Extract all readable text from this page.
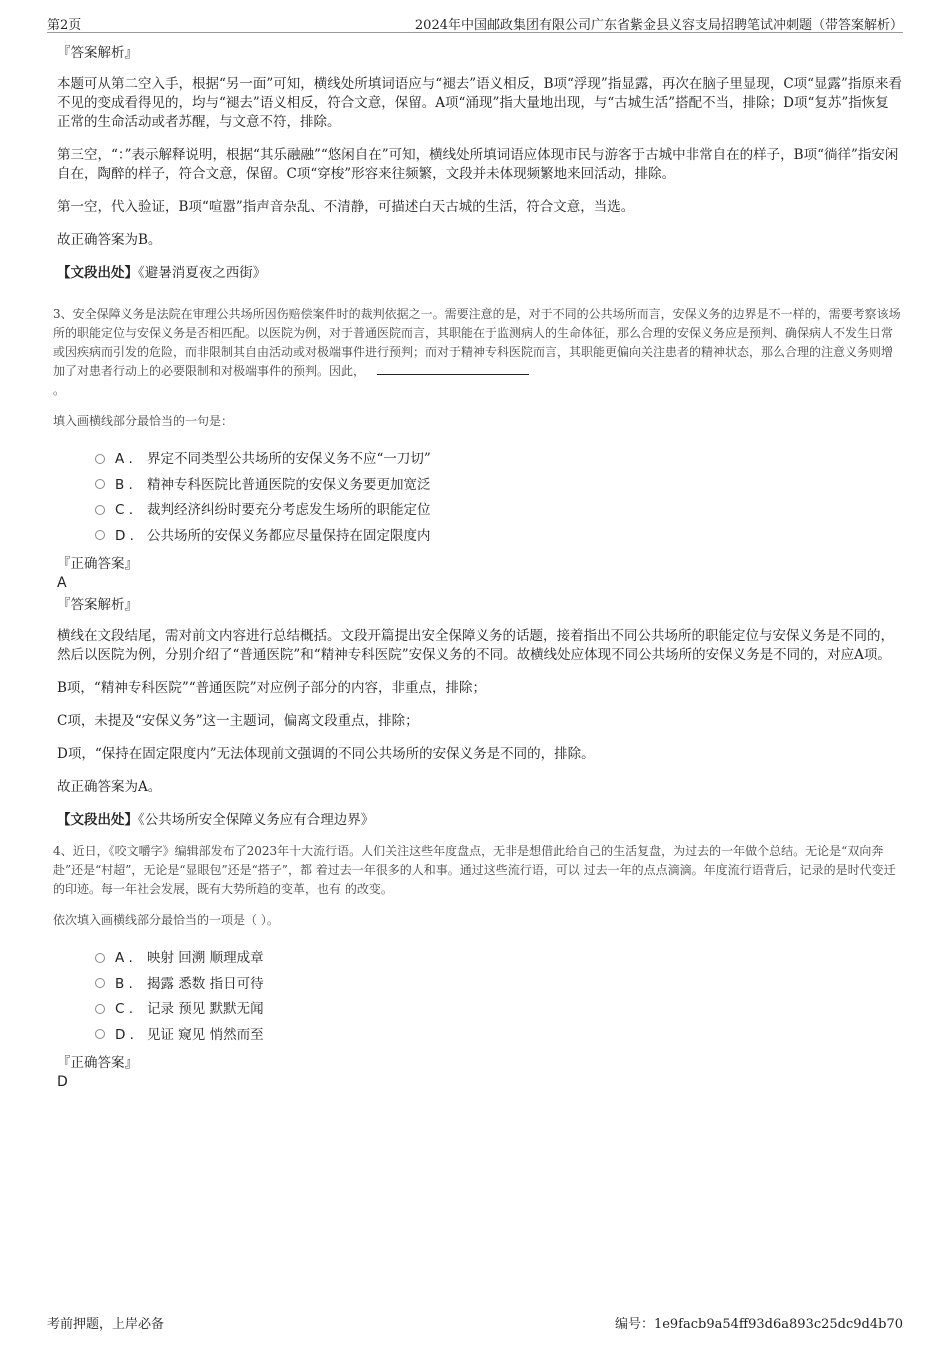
第2页	2024年中国邮政集团有限公司广东省紫金县义容支局招聘笔试冲刺题（带答案解析）
『答案解析』

本题可从第二空入手，根据“另一面”可知，横线处所填词语应与“褪去”语义相反，B项“浮现”指显露，再次在脑子里显现，C项“显露”指原来看不见的变成看得见的，均与“褪去”语义相反，符合文意，保留。A项“涌现”指大量地出现，与“古城生活”搭配不当，排除；D项“复苏”指恢复正常的生命活动或者苏醒，与文意不符，排除。

第三空，“：”表示解释说明，根据“其乐融融”“悠闲自在”可知，横线处所填词语应体现市民与游客于古城中非常自在的样子，B项“徜徉”指安闲自在，陶醉的样子，符合文意，保留。C项“穿梭”形容来往频繁，文段并未体现频繁地来回活动，排除。

第一空，代入验证，B项“喧嚣”指声音杂乱、不清静，可描述白天古城的生活，符合文意，当选。

故正确答案为B。

【文段出处】《避暑消夏夜之西街》

3、安全保障义务是法院在审理公共场所因伤赔偿案件时的裁判依据之一。需要注意的是，对于不同的公共场所而言，安保义务的边界是不一样的，需要考察该场所的职能定位与安保义务是否相匹配。以医院为例，对于普通医院而言，其职能在于监测病人的生命体征，那么合理的安保义务应是预判、确保病人不发生日常或因疾病而引发的危险，而非限制其自由活动或对极端事件进行预判；而对于精神专科医院而言，其职能更偏向关注患者的精神状态，那么合理的注意义务则增加了对患者行动上的必要限制和对极端事件的预判。因此，
。

填入画横线部分最恰当的一句是：

A . 界定不同类型公共场所的安保义务不应“一刀切”
B . 精神专科医院比普通医院的安保义务要更加宽泛
C . 裁判经济纠纷时要充分考虑发生场所的职能定位
D . 公共场所的安保义务都应尽量保持在固定限度内
『正确答案』
A
『答案解析』

横线在文段结尾，需对前文内容进行总结概括。文段开篇提出安全保障义务的话题，接着指出不同公共场所的职能定位与安保义务是不同的，然后以医院为例，分别介绍了“普通医院”和“精神专科医院”安保义务的不同。故横线处应体现不同公共场所的安保义务是不同的，对应A项。

B项，“精神专科医院”“普通医院”对应例子部分的内容，非重点，排除；

C项，未提及“安保义务”这一主题词，偏离文段重点，排除；

D项，“保持在固定限度内”无法体现前文强调的不同公共场所的安保义务是不同的，排除。

故正确答案为A。

【文段出处】《公共场所安全保障义务应有合理边界》

4、近日，《咬文嚼字》编辑部发布了2023年十大流行语。人们关注这些年度盘点，无非是想借此给自己的生活复盘，为过去的一年做个总结。无论是“双向奔赴”还是“村超”，无论是“显眼包”还是“搭子”，都 着过去一年很多的人和事。通过这些流行语，可以 过去一年的点点滴滴。年度流行语背后，记录的是时代变迁的印迹。每一年社会发展，既有大势所趋的变革，也有 的改变。

依次填入画横线部分最恰当的一项是（ ）。

A . 映射 回溯 顺理成章
B . 揭露 悉数 指日可待
C . 记录 预见 默默无闻
D . 见证 窥见 悄然而至
『正确答案』
D
考前押题，上岸必备	编号：1e9facb9a54ff93d6a893c25dc9d4b70
